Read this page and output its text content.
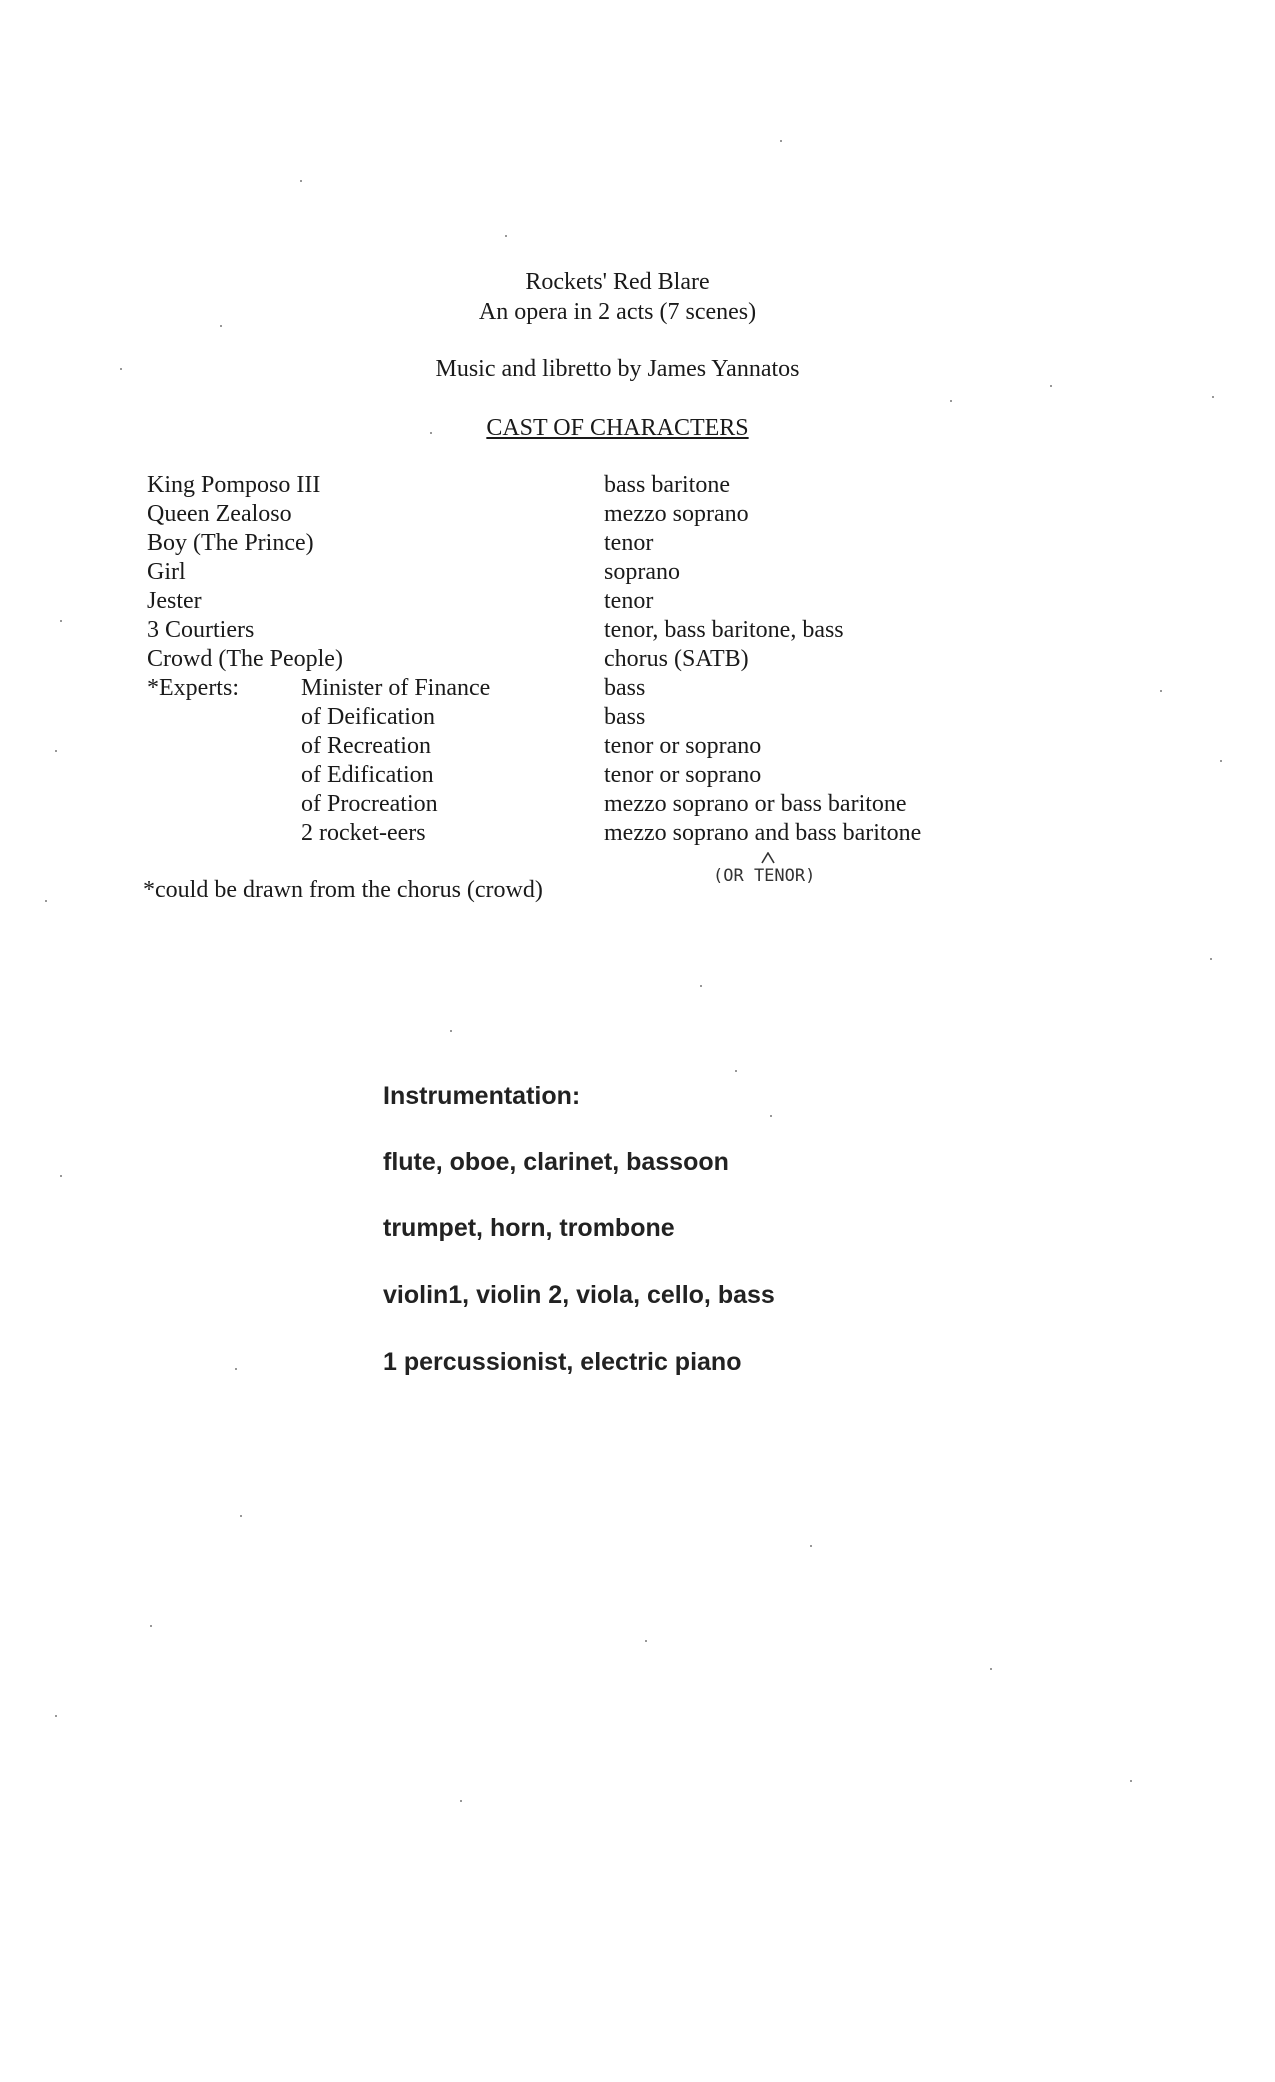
Rockets' Red Blare
An opera in 2 acts (7 scenes)
Music and libretto by James Yannatos
CAST OF CHARACTERS
King Pomposo III
Queen Zealoso
Boy (The Prince)
Girl
Jester
3 Courtiers
Crowd (The People)
*Experts:	Minister of Finance
of Deification
of Recreation
of Edification
of Procreation
2 rocket-eers
bass baritone
mezzo soprano
tenor
soprano
tenor
tenor, bass baritone, bass
chorus (SATB)
bass
bass
tenor or soprano
tenor or soprano
mezzo soprano or bass baritone
mezzo soprano and bass baritone
(OR TENOR)
*could be drawn from the chorus (crowd)
Instrumentation:
flute, oboe, clarinet, bassoon
trumpet, horn, trombone
violin1, violin 2, viola, cello, bass
1 percussionist, electric piano
